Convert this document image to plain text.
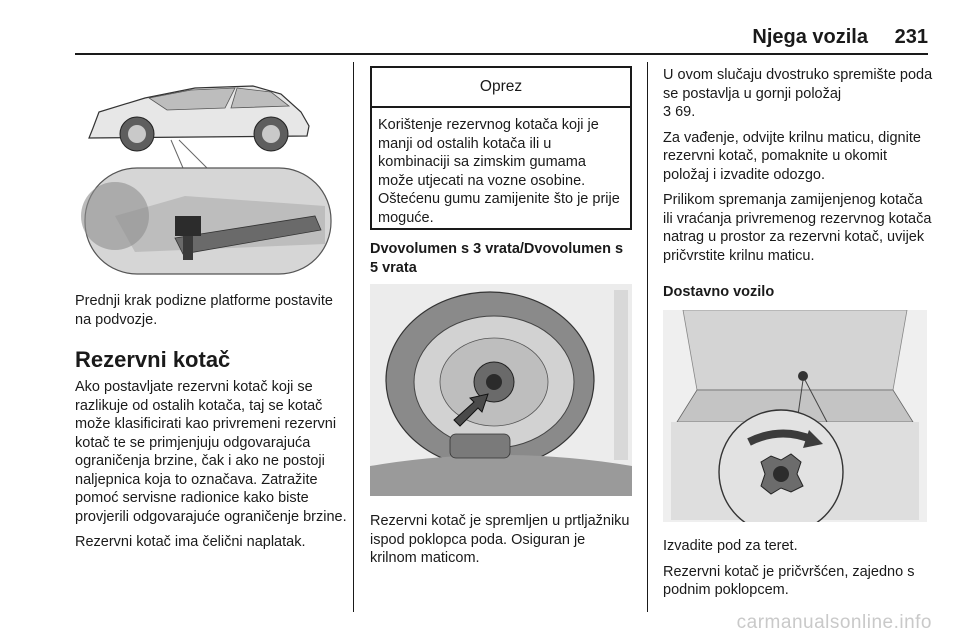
Njega vozila 231
Prednji krak podizne platforme postavite na podvozje.
Rezervni kotač

Ako postavljate rezervni kotač koji se razlikuje od ostalih kotača, taj se kotač može klasificirati kao privremeni rezervni kotač te se primjenjuju odgovarajuća ograničenja brzine, čak i ako ne postoji naljepnica koja to označava. Zatražite pomoć servisne radionice kako biste provjerili odgovarajuće ograničenje brzine.

Rezervni kotač ima čelični naplatak.

Oprez
Korištenje rezervnog kotača koji je manji od ostalih kotača ili u kombinaciji sa zimskim gumama može utjecati na vozne osobine. Oštećenu gumu zamijenite što je prije moguće.
Dvovolumen s 3 vrata/Dvovolumen s 5 vrata
Rezervni kotač je spremljen u prtljažniku ispod poklopca poda. Osiguran je krilnom maticom.

U ovom slučaju dvostruko spremište poda se postavlja u gornji položaj
3 69.

Za vađenje, odvijte krilnu maticu, dignite rezervni kotač, pomaknite u okomit položaj i izvadite odozgo.

Prilikom spremanja zamijenjenog kotača ili vraćanja privremenog rezervnog kotača natrag u prostor za rezervni kotač, uvijek pričvrstite krilnu maticu.

Dostavno vozilo

Izvadite pod za teret.

Rezervni kotač je pričvršćen, zajedno s podnim poklopcem.

carmanualsonline.info
